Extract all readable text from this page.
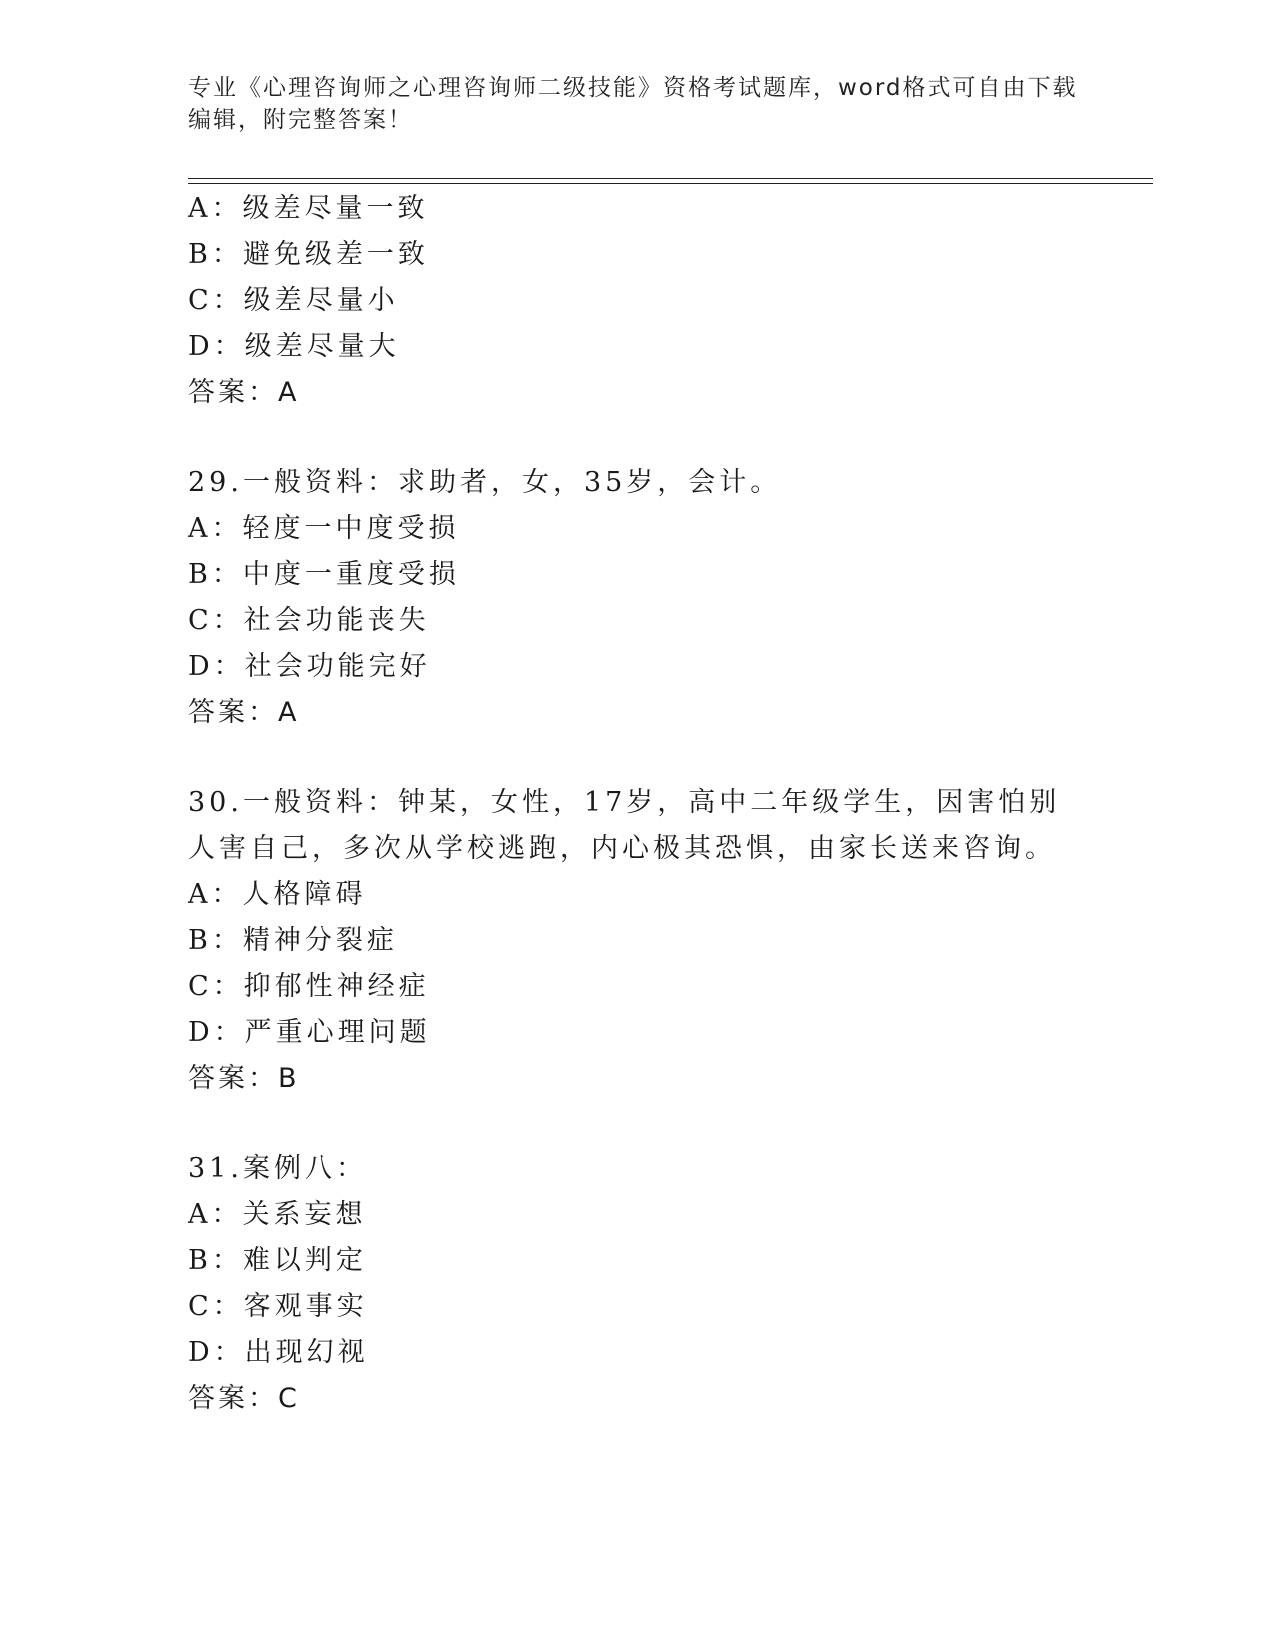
专业《心理咨询师之心理咨询师二级技能》资格考试题库，word格式可自由下载编辑，附完整答案！
A：级差尽量一致
B：避免级差一致
C：级差尽量小
D：级差尽量大
答案：A
29.一般资料：求助者，女，35岁，会计。
A：轻度一中度受损
B：中度一重度受损
C：社会功能丧失
D：社会功能完好
答案：A
30.一般资料：钟某，女性，17岁，高中二年级学生，因害怕别人害自己，多次从学校逃跑，内心极其恐惧，由家长送来咨询。
A：人格障碍
B：精神分裂症
C：抑郁性神经症
D：严重心理问题
答案：B
31.案例八：
A：关系妄想
B：难以判定
C：客观事实
D：出现幻视
答案：C
